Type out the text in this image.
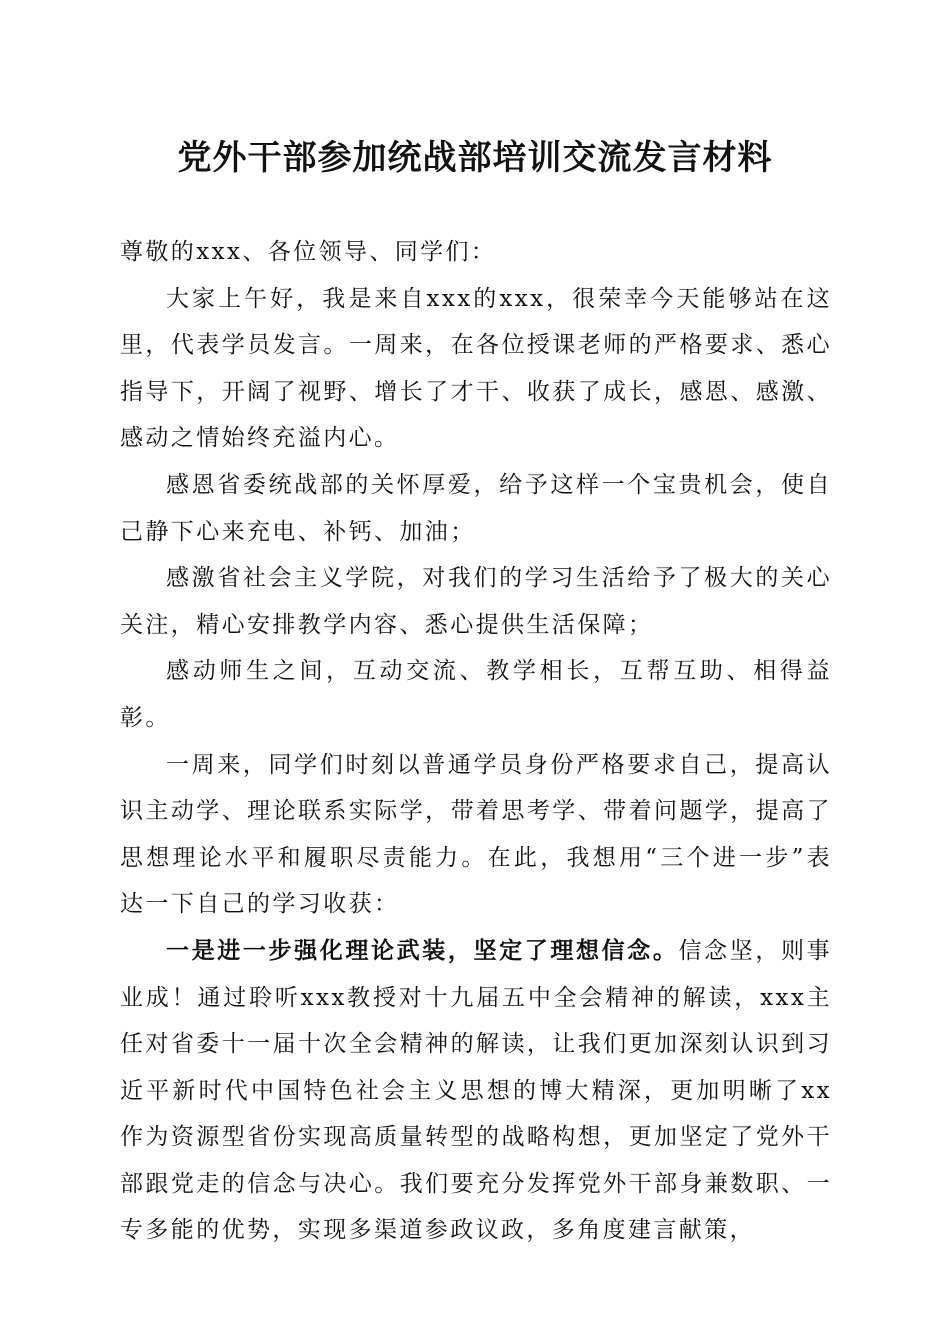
党外干部参加统战部培训交流发言材料

尊敬的xxx、各位领导、同学们：

大家上午好，我是来自xxx的xxx，很荣幸今天能够站在这里，代表学员发言。一周来，在各位授课老师的严格要求、悉心指导下，开阔了视野、增长了才干、收获了成长，感恩、感激、感动之情始终充溢内心。

感恩省委统战部的关怀厚爱，给予这样一个宝贵机会，使自己静下心来充电、补钙、加油；

感激省社会主义学院，对我们的学习生活给予了极大的关心关注，精心安排教学内容、悉心提供生活保障；

感动师生之间，互动交流、教学相长，互帮互助、相得益彰。

一周来，同学们时刻以普通学员身份严格要求自己，提高认识主动学、理论联系实际学，带着思考学、带着问题学，提高了思想理论水平和履职尽责能力。在此，我想用“三个进一步”表达一下自己的学习收获：

一是进一步强化理论武装，坚定了理想信念。信念坚，则事业成！通过聆听xxx教授对十九届五中全会精神的解读，xxx主任对省委十一届十次全会精神的解读，让我们更加深刻认识到习近平新时代中国特色社会主义思想的博大精深，更加明晰了xx作为资源型省份实现高质量转型的战略构想，更加坚定了党外干部跟党走的信念与决心。我们要充分发挥党外干部身兼数职、一专多能的优势，实现多渠道参政议政，多角度建言献策，
